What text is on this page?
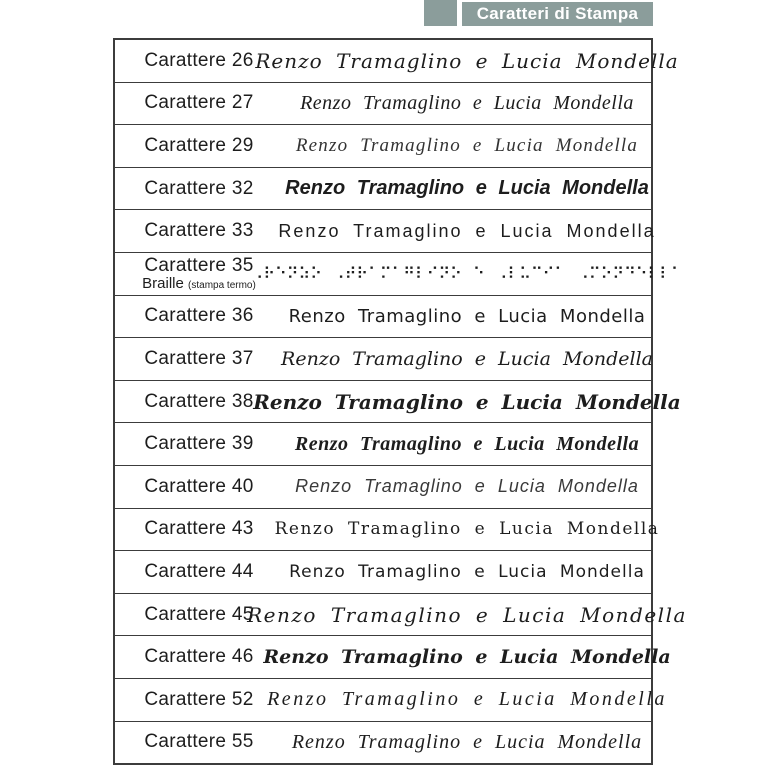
Caratteri di Stampa
Carattere 26 Renzo Tramaglino e Lucia Mondella
Carattere 27 Renzo Tramaglino e Lucia Mondella
Carattere 29 Renzo Tramaglino e Lucia Mondella
Carattere 32 Renzo Tramaglino e Lucia Mondella
Carattere 33 Renzo Tramaglino e Lucia Mondella
Carattere 35
Braille (stampa termo)
⠠⠗⠑⠝⠵⠕ ⠠⠞⠗⠁⠍⠁⠛⠇⠊⠝⠕ ⠑ ⠠⠇⠥⠉⠊⠁ ⠠⠍⠕⠝⠙⠑⠇⠇⠁
Carattere 36 Renzo Tramaglino e Lucia Mondella
Carattere 37 Renzo Tramaglino e Lucia Mondella
Carattere 38 Renzo Tramaglino e Lucia Mondella
Carattere 39 Renzo Tramaglino e Lucia Mondella
Carattere 40 Renzo Tramaglino e Lucia Mondella
Carattere 43 Renzo Tramaglino e Lucia Mondella
Carattere 44 Renzo Tramaglino e Lucia Mondella
Carattere 45
Renzo Tramaglino e Lucia Mondella
Carattere 46 Renzo Tramaglino e Lucia Mondella
Carattere 52 Renzo Tramaglino e Lucia Mondella
Carattere 55 Renzo Tramaglino e Lucia Mondella
